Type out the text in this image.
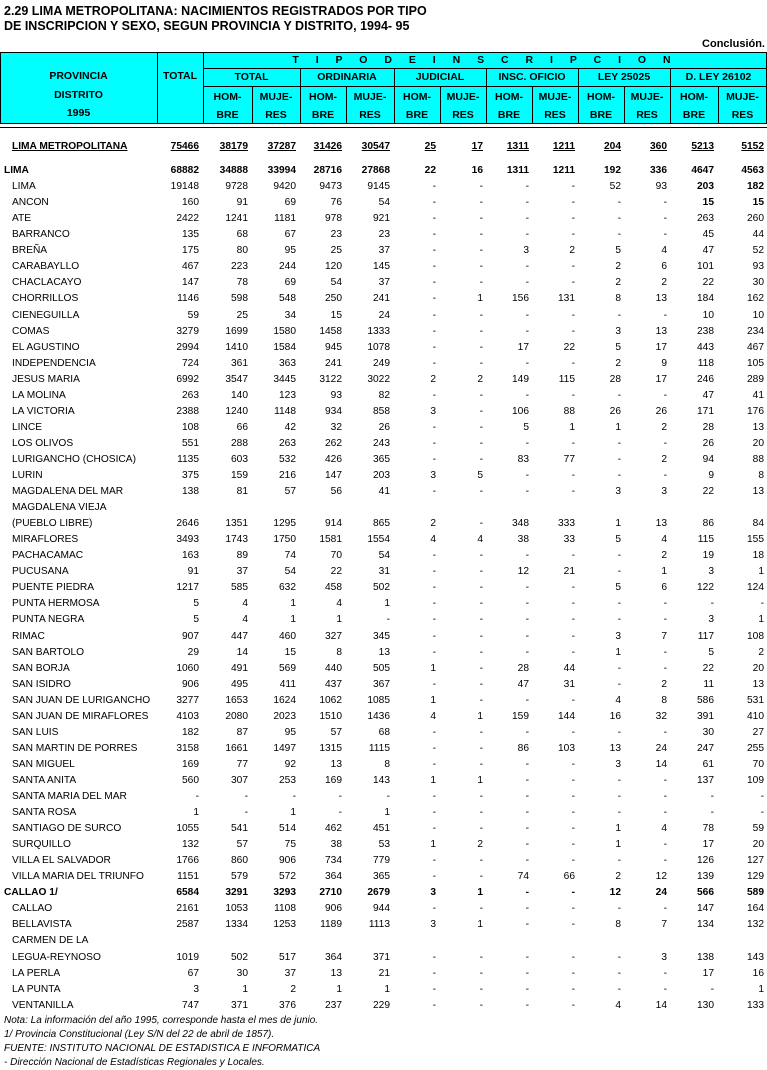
2.29 LIMA METROPOLITANA: NACIMIENTOS REGISTRADOS POR TIPO
DE INSCRIPCION Y SEXO, SEGUN PROVINCIA Y DISTRITO, 1994- 95
Conclusión.
PROVINCIA
DISTRITO
1995
TOTAL
T I P O D E I N S C R I P C I O N
TOTAL	ORDINARIA	JUDICIAL	INSC. OFICIO	LEY 25025	D. LEY 26102
HOM-
BRE
MUJE-
RES
HOM-
BRE
MUJE-
RES
HOM-
BRE
MUJE-
RES
HOM-
BRE
MUJE-
RES
HOM-
BRE
MUJE-
RES
HOM-
BRE
MUJE-
RES
LIMA METROPOLITANA	75466 38179 37287 31426 30547	25	17 1311 1211	204	360 5213	5152
LIMA	68882 34888 33994 28716 27868	22	16 1311 1211	192	336 4647	4563
LIMA	19148	9728 9420 9473 9145	-	-	-	-	52	93	203	182
ANCON	160	91	69	76	54	-	-	-	-	-	-	15	15
ATE	2422	1241	1181	978	921	-	-	-	-	-	-	263	260
BARRANCO	135	68	67	23	23	-	-	-	-	-	-	45	44
BREÑA	175	80	95	25	37	-	-	3	2	5	4	47	52
CARABAYLLO	467	223	244	120	145	-	-	-	-	2	6	101	93
CHACLACAYO	147	78	69	54	37	-	-	-	-	2	2	22	30
CHORRILLOS	1146	598	548	250	241	-	1	156	131	8	13	184	162
CIENEGUILLA	59	25	34	15	24	-	-	-	-	-	-	10	10
COMAS	3279	1699 1580 1458 1333	-	-	-	-	3	13	238	234
EL AGUSTINO	2994	1410 1584	945 1078	-	-	17	22	5	17	443	467
INDEPENDENCIA	724	361	363	241	249	-	-	-	-	2	9	118	105
JESUS MARIA	6992	3547 3445 3122 3022	2	2	149	115	28	17	246	289
LA MOLINA	263	140	123	93	82	-	-	-	-	-	-	47	41
LA VICTORIA	2388	1240	1148	934	858	3	-	106	88	26	26	171	176
LINCE	108	66	42	32	26	-	-	5	1	1	2	28	13
LOS OLIVOS	551	288	263	262	243	-	-	-	-	-	-	26	20
LURIGANCHO (CHOSICA)	1135	603	532	426	365	-	-	83	77	-	2	94	88
LURIN	375	159	216	147	203	3	5	-	-	-	-	9	8
MAGDALENA DEL MAR	138	81	57	56	41	-	-	-	-	3	3	22	13
MAGDALENA VIEJA
(PUEBLO LIBRE)	2646	1351 1295	914	865	2	-	348	333	1	13	86	84
MIRAFLORES	3493	1743 1750 1581 1554	4	4	38	33	5	4	115	155
PACHACAMAC	163	89	74	70	54	-	-	-	-	-	2	19	18
PUCUSANA	91	37	54	22	31	-	-	12	21	-	1	3	1
PUENTE PIEDRA	1217	585	632	458	502	-	-	-	-	5	6	122	124
PUNTA HERMOSA	5	4	1	4	1	-	-	-	-	-	-	-	-
PUNTA NEGRA	5	4	1	1	-	-	-	-	-	-	-	3	1
RIMAC	907	447	460	327	345	-	-	-	-	3	7	117	108
SAN BARTOLO	29	14	15	8	13	-	-	-	-	1	-	5	2
SAN BORJA	1060	491	569	440	505	1	-	28	44	-	-	22	20
SAN ISIDRO	906	495	411	437	367	-	-	47	31	-	2	11	13
SAN JUAN DE LURIGANCHO	3277	1653 1624 1062 1085	1	-	-	-	4	8	586	531
SAN JUAN DE MIRAFLORES	4103	2080 2023 1510 1436	4	1	159	144	16	32	391	410
SAN LUIS	182	87	95	57	68	-	-	-	-	-	-	30	27
SAN MARTIN DE PORRES	3158	1661 1497 1315	1115	-	-	86	103	13	24	247	255
SAN MIGUEL	169	77	92	13	8	-	-	-	-	3	14	61	70
SANTA ANITA	560	307	253	169	143	1	1	-	-	-	-	137	109
SANTA MARIA DEL MAR	-	-	-	-	-	-	-	-	-	-	-	-	-
SANTA ROSA	1	-	1	-	1	-	-	-	-	-	-	-	-
SANTIAGO DE SURCO	1055	541	514	462	451	-	-	-	-	1	4	78	59
SURQUILLO	132	57	75	38	53	1	2	-	-	1	-	17	20
VILLA EL SALVADOR	1766	860	906	734	779	-	-	-	-	-	-	126	127
VILLA MARIA DEL TRIUNFO	1151	579	572	364	365	-	-	74	66	2	12	139	129
CALLAO 1/	6584	3291 3293 2710 2679	3	1	-	-	12	24	566	589
CALLAO	2161	1053	1108	906	944	-	-	-	-	-	-	147	164
BELLAVISTA	2587	1334 1253 1189	1113	3	1	-	-	8	7	134	132
CARMEN DE LA
LEGUA-REYNOSO	1019	502	517	364	371	-	-	-	-	-	3	138	143
LA PERLA	67	30	37	13	21	-	-	-	-	-	-	17	16
LA PUNTA	3	1	2	1	1	-	-	-	-	-	-	-	1
VENTANILLA	747	371	376	237	229	-	-	-	-	4	14	130	133
Nota: La información del año 1995, corresponde hasta el mes de junio.
1/ Provincia Constitucional (Ley S/N del 22 de abril de 1857).
FUENTE: INSTITUTO NACIONAL DE ESTADISTICA E INFORMATICA
- Dirección Nacional de Estadísticas Regionales y Locales.
